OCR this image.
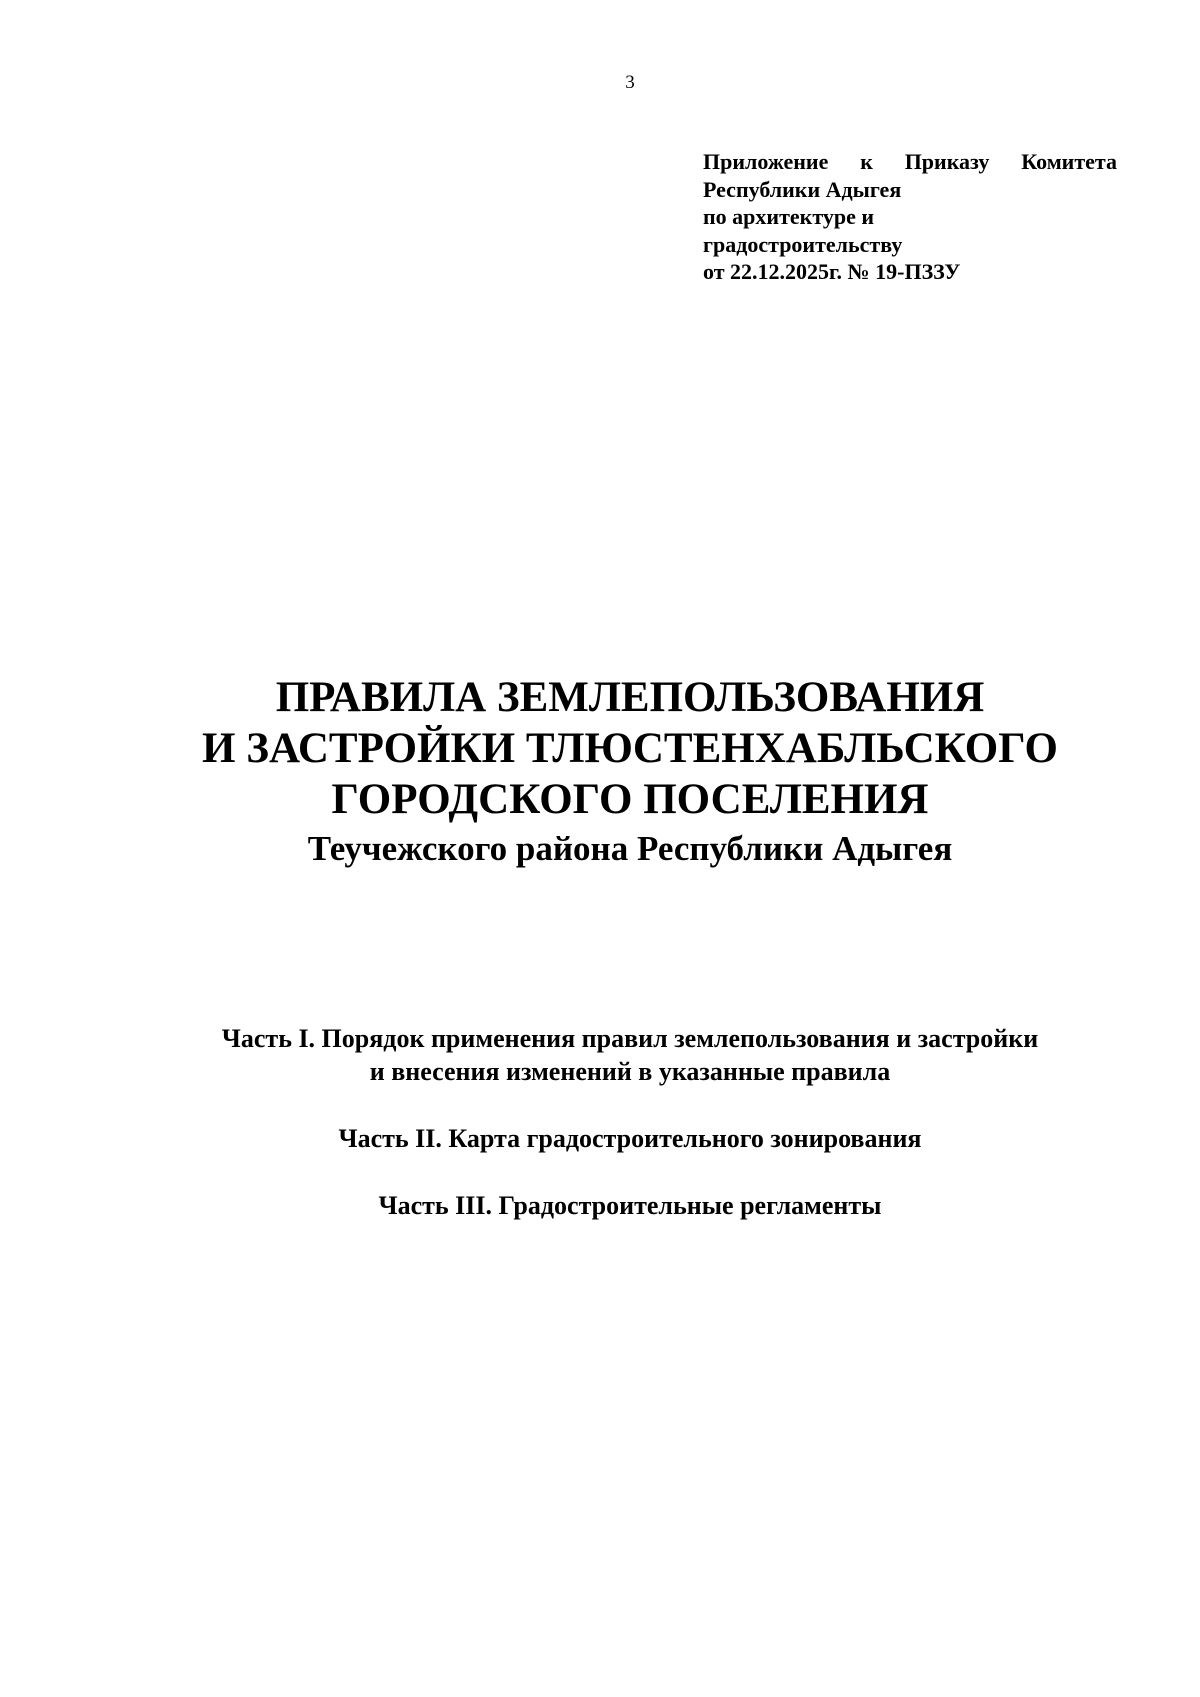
3
Приложение к Приказу Комитета
Республики Адыгея
по архитектуре и
градостроительству
от 22.12.2025г. № 19-ПЗЗУ
ПРАВИЛА ЗЕМЛЕПОЛЬЗОВАНИЯ
И ЗАСТРОЙКИ ТЛЮСТЕНХАБЛЬСКОГО
ГОРОДСКОГО ПОСЕЛЕНИЯ
Теучежского района Республики Адыгея
Часть I. Порядок применения правил землепользования и застройки
и внесения изменений в указанные правила
Часть II. Карта градостроительного зонирования
Часть III. Градостроительные регламенты
